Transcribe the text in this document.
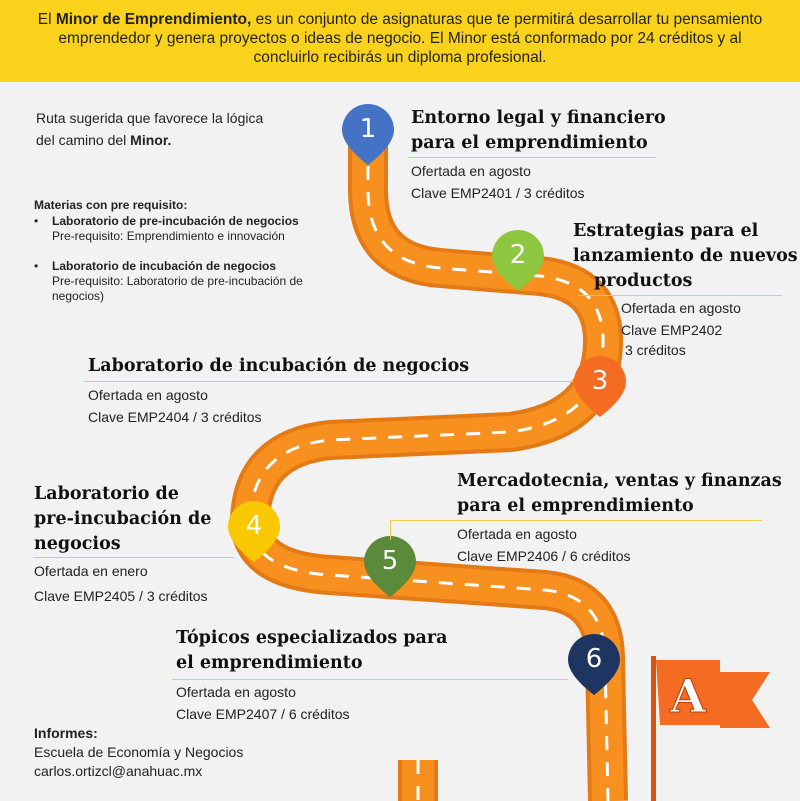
El Minor de Emprendimiento, es un conjunto de asignaturas que te permitirá desarrollar tu pensamiento emprendedor y genera proyectos o ideas de negocio. El Minor está conformado por 24 créditos y al concluirlo recibirás un diploma profesional.

1
2
3
4
5
6
A
Ruta sugerida que favorece la lógica del camino del Minor.

Materias con pre requisito:

•	Laboratorio de pre-incubación de negocios
Pre-requisito: Emprendimiento e innovación
•	Laboratorio de incubación de negocios
Pre-requisito: Laboratorio de pre-incubación de negocios)
Entorno legal y financiero
para el emprendimiento
Ofertada en agosto
Clave EMP2401 / 3 créditos
Estrategias para el
lanzamiento de nuevos
productos
Ofertada en agosto
Clave EMP2402
3 créditos
Laboratorio de incubación de negocios
Ofertada en agosto
Clave EMP2404 / 3 créditos
Laboratorio de
pre-incubación de
negocios
Ofertada en enero
Clave EMP2405 / 3 créditos
Mercadotecnia, ventas y finanzas
para el emprendimiento
Ofertada en agosto
Clave EMP2406 / 6 créditos
Tópicos especializados para
el emprendimiento
Ofertada en agosto
Clave EMP2407 / 6 créditos
Informes:
Escuela de Economía y Negocios
carlos.ortizcl@anahuac.mx
